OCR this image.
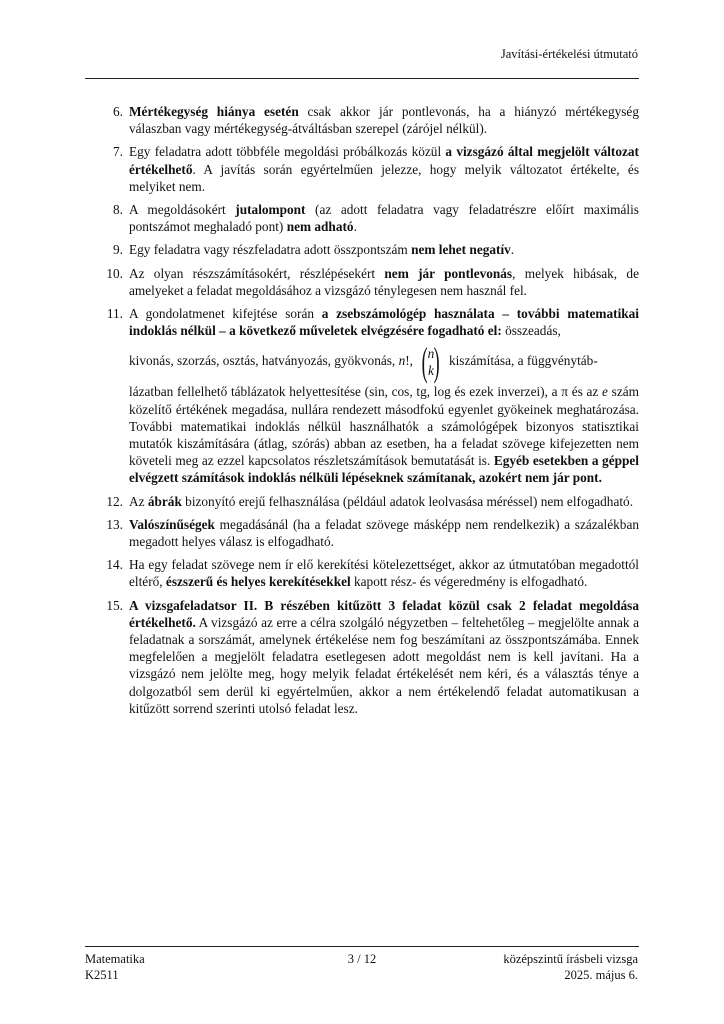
Javítási-értékelési útmutató
6. Mértékegység hiánya esetén csak akkor jár pontlevonás, ha a hiányzó mértékegység válaszban vagy mértékegység-átváltásban szerepel (zárójel nélkül).
7. Egy feladatra adott többféle megoldási próbálkozás közül a vizsgázó által megjelölt változat értékelhető. A javítás során egyértelműen jelezze, hogy melyik változatot értékelte, és melyiket nem.
8. A megoldásokért jutalompont (az adott feladatra vagy feladatrészre előírt maximális pontszámot meghaladó pont) nem adható.
9. Egy feladatra vagy részfeladatra adott összpontszám nem lehet negatív.
10. Az olyan részszámításokért, részlépésekért nem jár pontlevonás, melyek hibásak, de amelyeket a feladat megoldásához a vizsgázó ténylegesen nem használ fel.
11. A gondolatmenet kifejtése során a zsebszámológép használata – további matematikai indoklás nélkül – a következő műveletek elvégzésére fogadható el: összeadás,
kivonás, szorzás, osztás, hatványozás, gyökvonás, n!, ( n
k ) kiszámítása, a függvénytáb-
lázatban fellelhető táblázatok helyettesítése (sin, cos, tg, log és ezek inverzei), a π és az e szám közelítő értékének megadása, nullára rendezett másodfokú egyenlet gyökeinek meghatározása. További matematikai indoklás nélkül használhatók a számológépek bizonyos statisztikai mutatók kiszámítására (átlag, szórás) abban az esetben, ha a feladat szövege kifejezetten nem követeli meg az ezzel kapcsolatos részletszámítások bemutatását is. Egyéb esetekben a géppel elvégzett számítások indoklás nélküli lépéseknek számítanak, azokért nem jár pont.
12. Az ábrák bizonyító erejű felhasználása (például adatok leolvasása méréssel) nem elfogadható.
13. Valószínűségek megadásánál (ha a feladat szövege másképp nem rendelkezik) a százalékban megadott helyes válasz is elfogadható.
14. Ha egy feladat szövege nem ír elő kerekítési kötelezettséget, akkor az útmutatóban megadottól eltérő, észszerű és helyes kerekítésekkel kapott rész- és végeredmény is elfogadható.
15. A vizsgafeladatsor II. B részében kitűzött 3 feladat közül csak 2 feladat megoldása értékelhető. A vizsgázó az erre a célra szolgáló négyzetben – feltehetőleg – megjelölte annak a feladatnak a sorszámát, amelynek értékelése nem fog beszámítani az összpontszámába. Ennek megfelelően a megjelölt feladatra esetlegesen adott megoldást nem is kell javítani. Ha a vizsgázó nem jelölte meg, hogy melyik feladat értékelését nem kéri, és a választás ténye a dolgozatból sem derül ki egyértelműen, akkor a nem értékelendő feladat automatikusan a kitűzött sorrend szerinti utolsó feladat lesz.
Matematika
K2511
3 / 12	középszintű írásbeli vizsga
2025. május 6.
